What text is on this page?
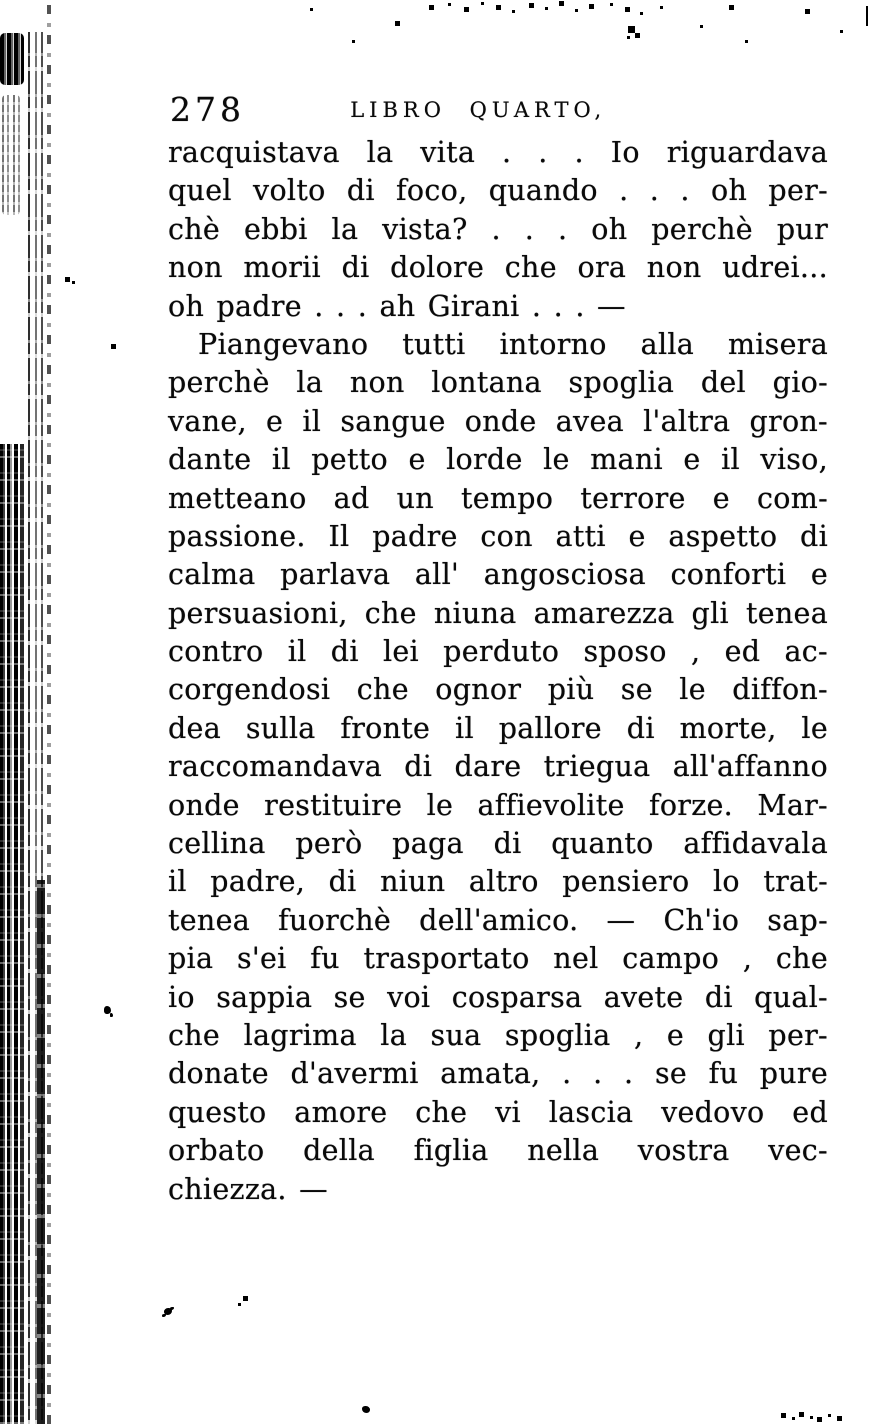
278	LIBRO QUARTO,
racquistava la vita . . . Io riguardava
quel volto di foco, quando . . . oh per-
chè ebbi la vista? . . . oh perchè pur
non morii di dolore che ora non udrei...
oh padre . . . ah Girani . . . —
Piangevano tutti intorno alla misera
perchè la non lontana spoglia del gio-
vane, e il sangue onde avea l'altra gron-
dante il petto e lorde le mani e il viso,
metteano ad un tempo terrore e com-
passione. Il padre con atti e aspetto di
calma parlava all' angosciosa conforti e
persuasioni, che niuna amarezza gli tenea
contro il di lei perduto sposo , ed ac-
corgendosi che ognor più se le diffon-
dea sulla fronte il pallore di morte, le
raccomandava di dare triegua all'affanno
onde restituire le affievolite forze. Mar-
cellina però paga di quanto affidavala
il padre, di niun altro pensiero lo trat-
tenea fuorchè dell'amico. — Ch'io sap-
pia s'ei fu trasportato nel campo , che
io sappia se voi cosparsa avete di qual-
che lagrima la sua spoglia , e gli per-
donate d'avermi amata, . . . se fu pure
questo amore che vi lascia vedovo ed
orbato della figlia nella vostra vec-
chiezza. —
